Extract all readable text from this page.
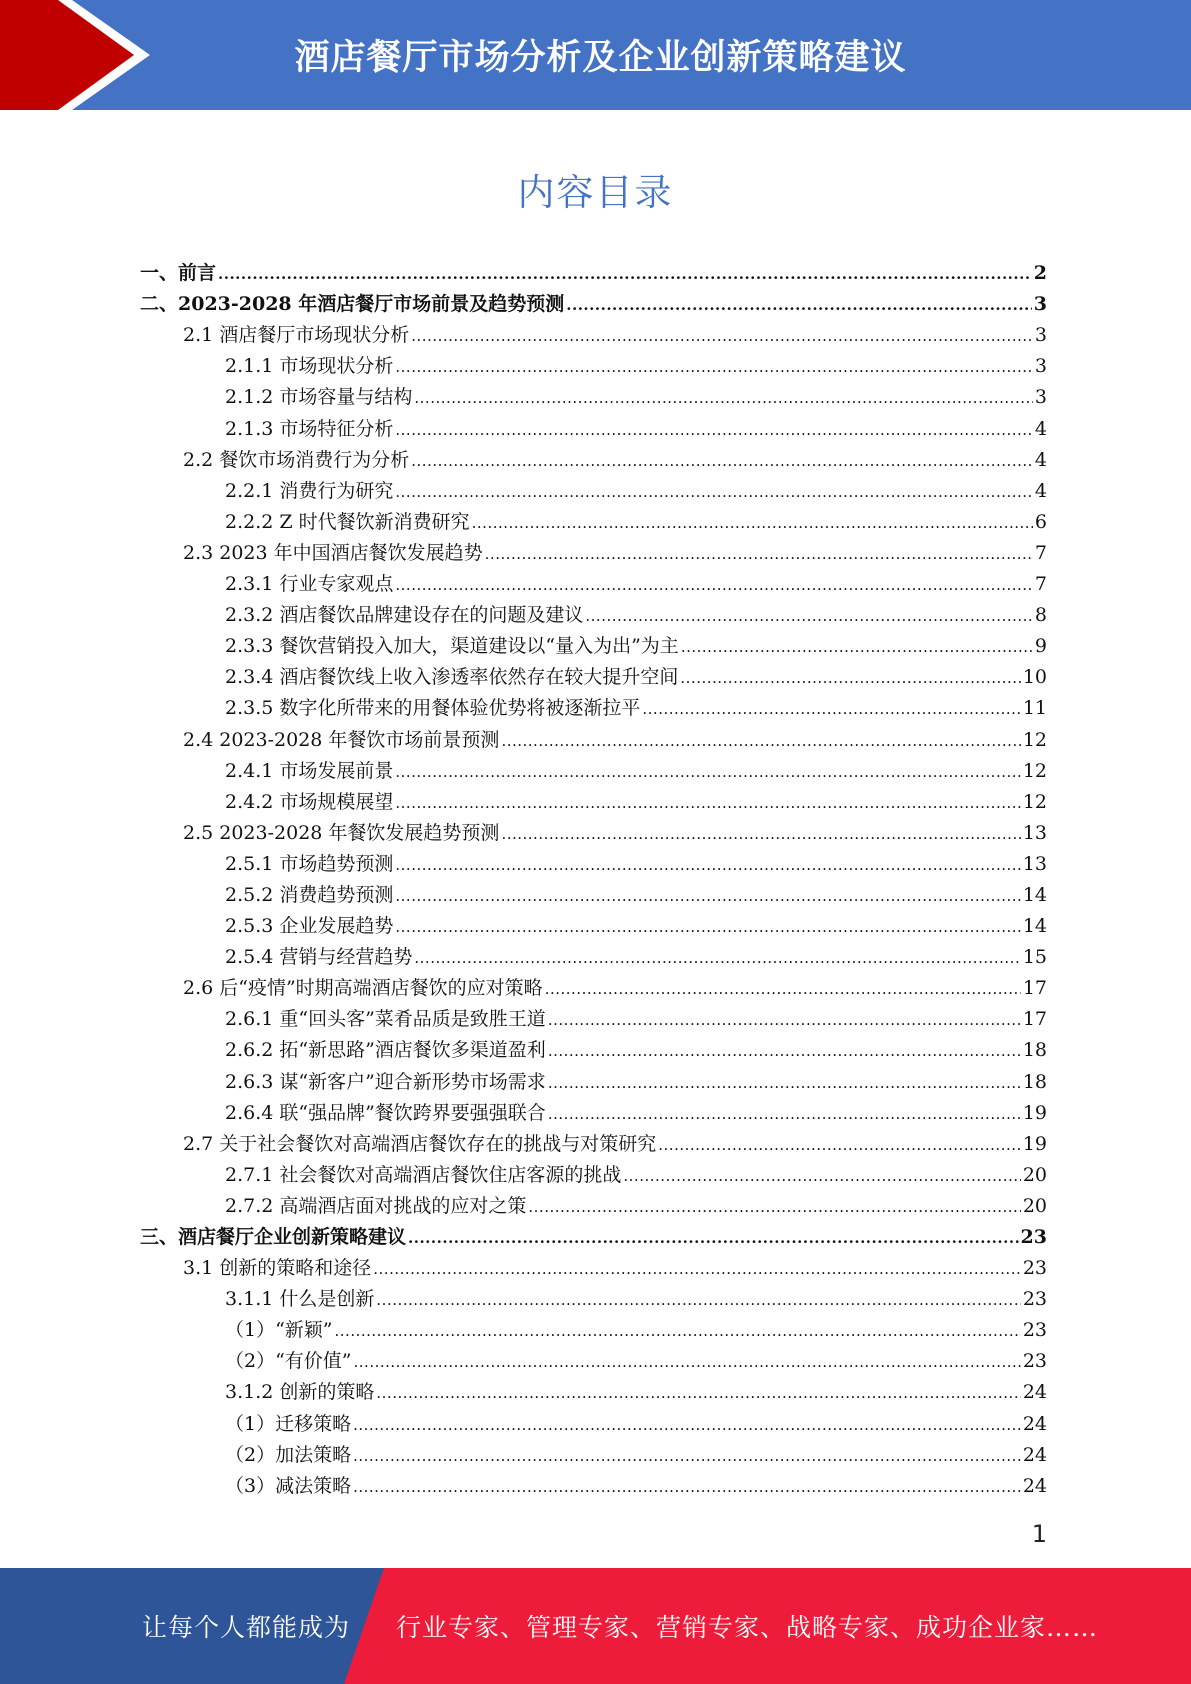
酒店餐厅市场分析及企业创新策略建议
内容目录
一、前言 .....	2
二、2023-2028 年酒店餐厅市场前景及趋势预测 .....	3
2.1 酒店餐厅市场现状分析 .....	3
2.1.1 市场现状分析 .....	3
2.1.2 市场容量与结构 .....	3
2.1.3 市场特征分析 .....	4
2.2 餐饮市场消费行为分析 .....	4
2.2.1 消费行为研究 .....	4
2.2.2 Z 时代餐饮新消费研究 .....	6
2.3 2023 年中国酒店餐饮发展趋势 .....	7
2.3.1 行业专家观点 .....	7
2.3.2 酒店餐饮品牌建设存在的问题及建议 .....	8
2.3.3 餐饮营销投入加大，渠道建设以“量入为出”为主 .....	9
2.3.4 酒店餐饮线上收入渗透率依然存在较大提升空间 .....	10
2.3.5 数字化所带来的用餐体验优势将被逐渐拉平 .....	11
2.4 2023-2028 年餐饮市场前景预测 .....	12
2.4.1 市场发展前景 .....	12
2.4.2 市场规模展望 .....	12
2.5 2023-2028 年餐饮发展趋势预测 .....	13
2.5.1 市场趋势预测 .....	13
2.5.2 消费趋势预测 .....	14
2.5.3 企业发展趋势 .....	14
2.5.4 营销与经营趋势 .....	15
2.6 后“疫情”时期高端酒店餐饮的应对策略 .....	17
2.6.1 重“回头客”菜肴品质是致胜王道 .....	17
2.6.2 拓“新思路”酒店餐饮多渠道盈利 .....	18
2.6.3 谋“新客户”迎合新形势市场需求 .....	18
2.6.4 联“强品牌”餐饮跨界要强强联合 .....	19
2.7 关于社会餐饮对高端酒店餐饮存在的挑战与对策研究 .....	19
2.7.1 社会餐饮对高端酒店餐饮住店客源的挑战 .....	20
2.7.2 高端酒店面对挑战的应对之策 .....	20
三、酒店餐厅企业创新策略建议 .....	23
3.1 创新的策略和途径 .....	23
3.1.1 什么是创新 .....	23
（1）“新颖” .....	23
（2）“有价值” .....	23
3.1.2 创新的策略 .....	24
（1）迁移策略 .....	24
（2）加法策略 .....	24
（3）减法策略 .....	24
1
让每个人都能成为 行业专家、管理专家、营销专家、战略专家、成功企业家……
